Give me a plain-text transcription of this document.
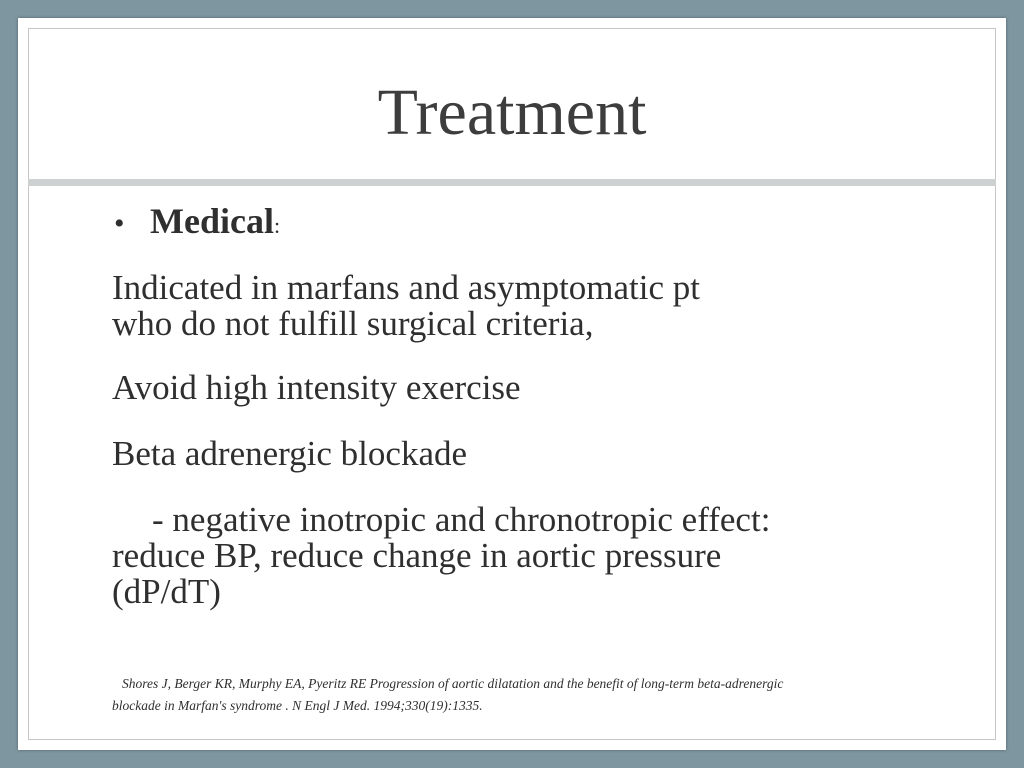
Treatment
• Medical :

Indicated in marfans and asymptomatic pt
who do not fulfill surgical criteria,

Avoid high intensity exercise

Beta adrenergic blockade

- negative inotropic and chronotropic effect:
reduce BP, reduce change in aortic pressure
(dP/dT)

Shores J, Berger KR, Murphy EA, Pyeritz RE Progression of aortic dilatation and the benefit of long-term beta-adrenergic
blockade in Marfan's syndrome . N Engl J Med. 1994;330(19):1335.
